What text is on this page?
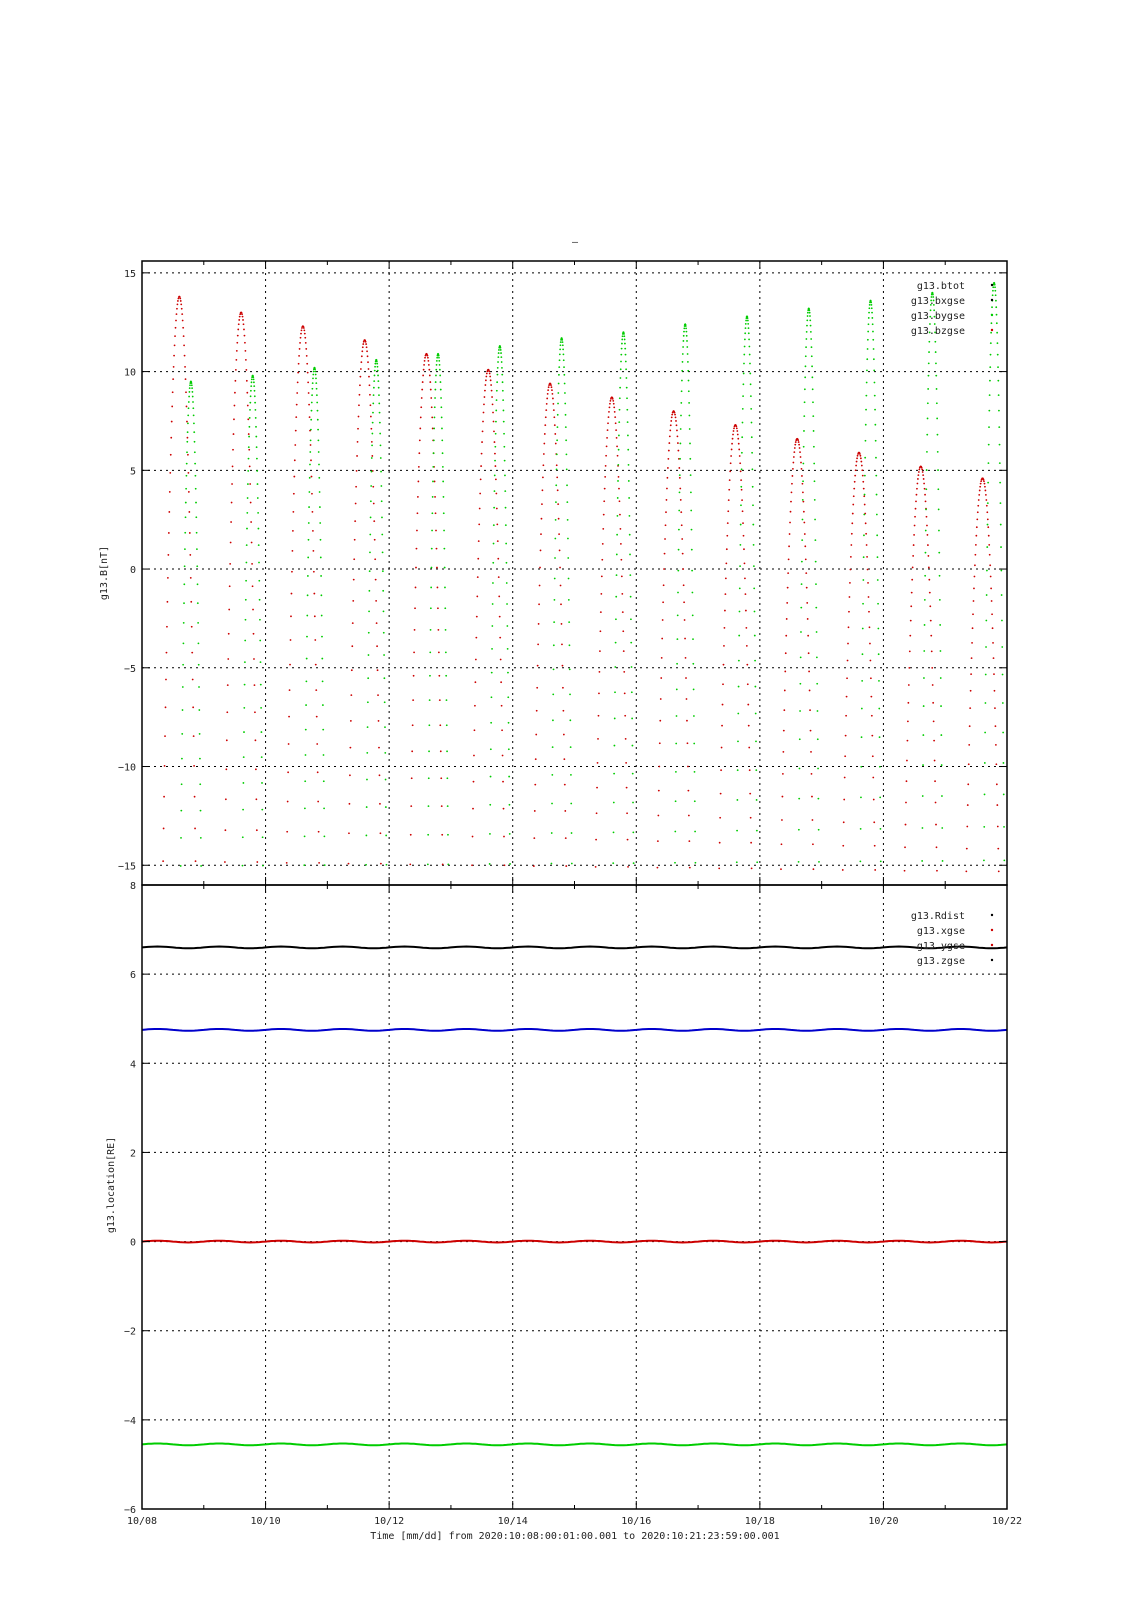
–
15
10
5
0
−5
−10
−15
g13.btot
g13.bxgse
g13.bygse
g13.bzgse
g13.B[nT]
8
6
4
2
0
−2
−4
−6
g13.Rdist
g13.xgse
g13.ygse
g13.zgse
g13.location[RE]
10/08	10/10	10/12	10/14	10/16	10/18	10/20	10/22
Time [mm/dd] from 2020:10:08:00:01:00.001 to 2020:10:21:23:59:00.001
